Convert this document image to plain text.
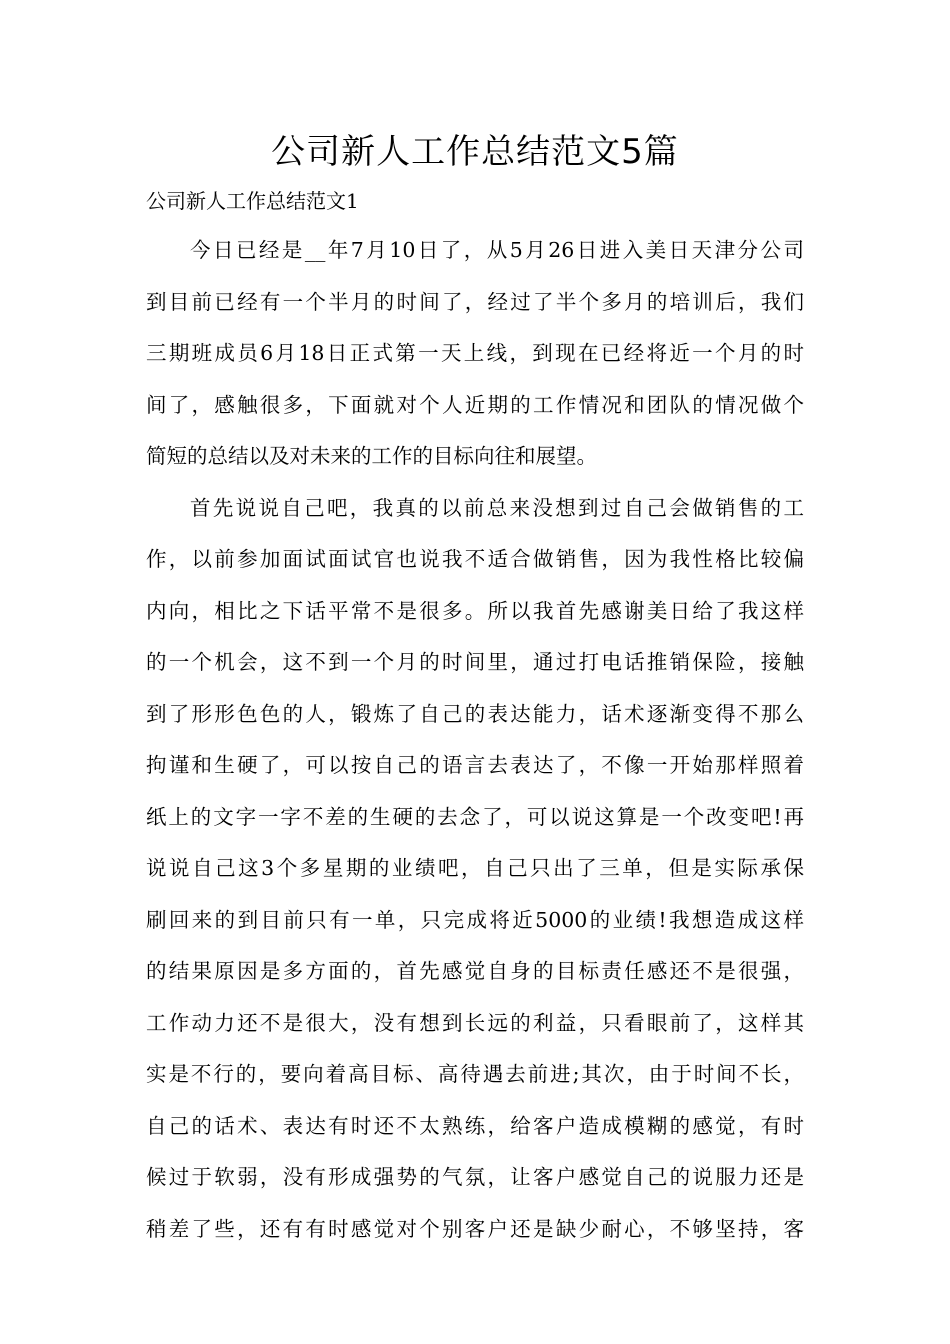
公司新人工作总结范文5篇
公司新人工作总结范文1
今日已经是__年7月10日了，从5月26日进入美日天津分公司
到目前已经有一个半月的时间了，经过了半个多月的培训后，我们
三期班成员6月18日正式第一天上线，到现在已经将近一个月的时
间了，感触很多，下面就对个人近期的工作情况和团队的情况做个
简短的总结以及对未来的工作的目标向往和展望。
首先说说自己吧，我真的以前总来没想到过自己会做销售的工
作，以前参加面试面试官也说我不适合做销售，因为我性格比较偏
内向，相比之下话平常不是很多。所以我首先感谢美日给了我这样
的一个机会，这不到一个月的时间里，通过打电话推销保险，接触
到了形形色色的人，锻炼了自己的表达能力，话术逐渐变得不那么
拘谨和生硬了，可以按自己的语言去表达了，不像一开始那样照着
纸上的文字一字不差的生硬的去念了，可以说这算是一个改变吧!再
说说自己这3个多星期的业绩吧，自己只出了三单，但是实际承保
刷回来的到目前只有一单，只完成将近5000的业绩!我想造成这样
的结果原因是多方面的，首先感觉自身的目标责任感还不是很强，
工作动力还不是很大，没有想到长远的利益，只看眼前了，这样其
实是不行的，要向着高目标、高待遇去前进;其次，由于时间不长，
自己的话术、表达有时还不太熟练，给客户造成模糊的感觉，有时
候过于软弱，没有形成强势的气氛，让客户感觉自己的说服力还是
稍差了些，还有有时感觉对个别客户还是缺少耐心，不够坚持，客
